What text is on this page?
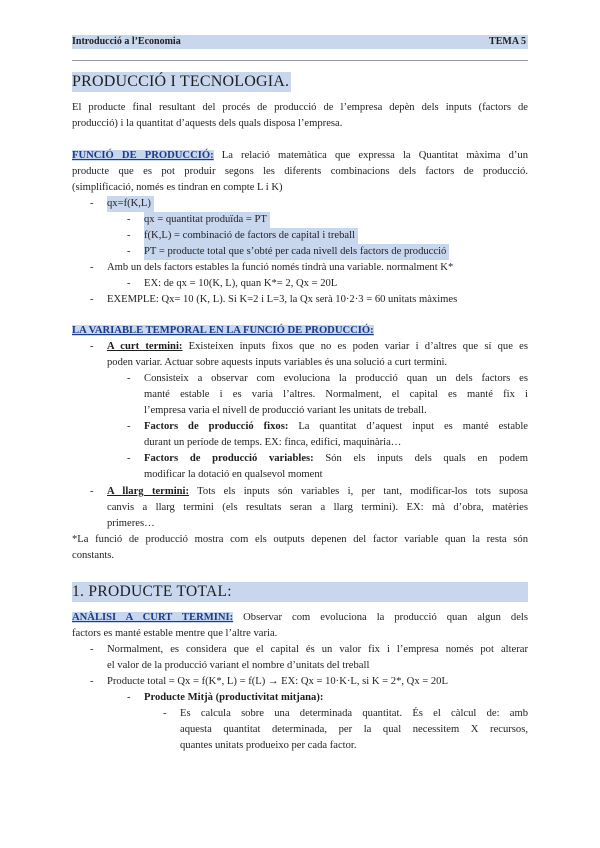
Introducció a l’Economia	TEMA 5
PRODUCCIÓ I TECNOLOGIA.
El producte final resultant del procés de producció de l’empresa depèn dels inputs (factors de
producció) i la quantitat d’aquests dels quals disposa l’empresa.
FUNCIÓ DE PRODUCCIÓ: La relació matemàtica que expressa la Quantitat màxima d’un
producte que es pot produir segons les diferents combinacions dels factors de producció.
(simplificació, només es tindran en compte L i K)
- qx=f(K,L)
- qx = quantitat produïda = PT
- f(K,L) = combinació de factors de capital i treball
- PT = producte total que s’obté per cada nivell dels factors de producció
- Amb un dels factors estables la funció només tindrà una variable. normalment K*
- EX: de qx = 10(K, L), quan K*= 2, Qx = 20L
- EXEMPLE: Qx= 10 (K, L). Si K=2 i L=3, la Qx serà 10·2·3 = 60 unitats màximes
LA VARIABLE TEMPORAL EN LA FUNCIÓ DE PRODUCCIÓ:
- A curt termini: Existeixen inputs fixos que no es poden variar i d’altres que sí que es
poden variar. Actuar sobre aquests inputs variables és una solució a curt termini.
- Consisteix a observar com evoluciona la producció quan un dels factors es
manté estable i es varia l’altres. Normalment, el capital es manté fix i
l’empresa varia el nivell de producció variant les unitats de treball.
- Factors de producció fixos: La quantitat d’aquest input es manté estable
durant un període de temps. EX: finca, edifici, maquinària…
- Factors de producció variables: Són els inputs dels quals en podem
modificar la dotació en qualsevol moment
- A llarg termini: Tots els inputs són variables i, per tant, modificar-los tots suposa
canvis a llarg termini (els resultats seran a llarg termini). EX: mà d’obra, matèries
primeres…
*La funció de producció mostra com els outputs depenen del factor variable quan la resta són
constants.
1. PRODUCTE TOTAL:
ANÀLISI A CURT TERMINI: Observar com evoluciona la producció quan algun dels
factors es manté estable mentre que l’altre varia.
- Normalment, es considera que el capital és un valor fix i l’empresa només pot alterar
el valor de la producció variant el nombre d’unitats del treball
- Producte total = Qx = f(K*, L) = f(L) → EX: Qx = 10·K·L, si K = 2*, Qx = 20L
- Producte Mitjà (productivitat mitjana):
- Es calcula sobre una determinada quantitat. És el càlcul de: amb
aquesta quantitat determinada, per la qual necessitem X recursos,
quantes unitats produeixo per cada factor.
